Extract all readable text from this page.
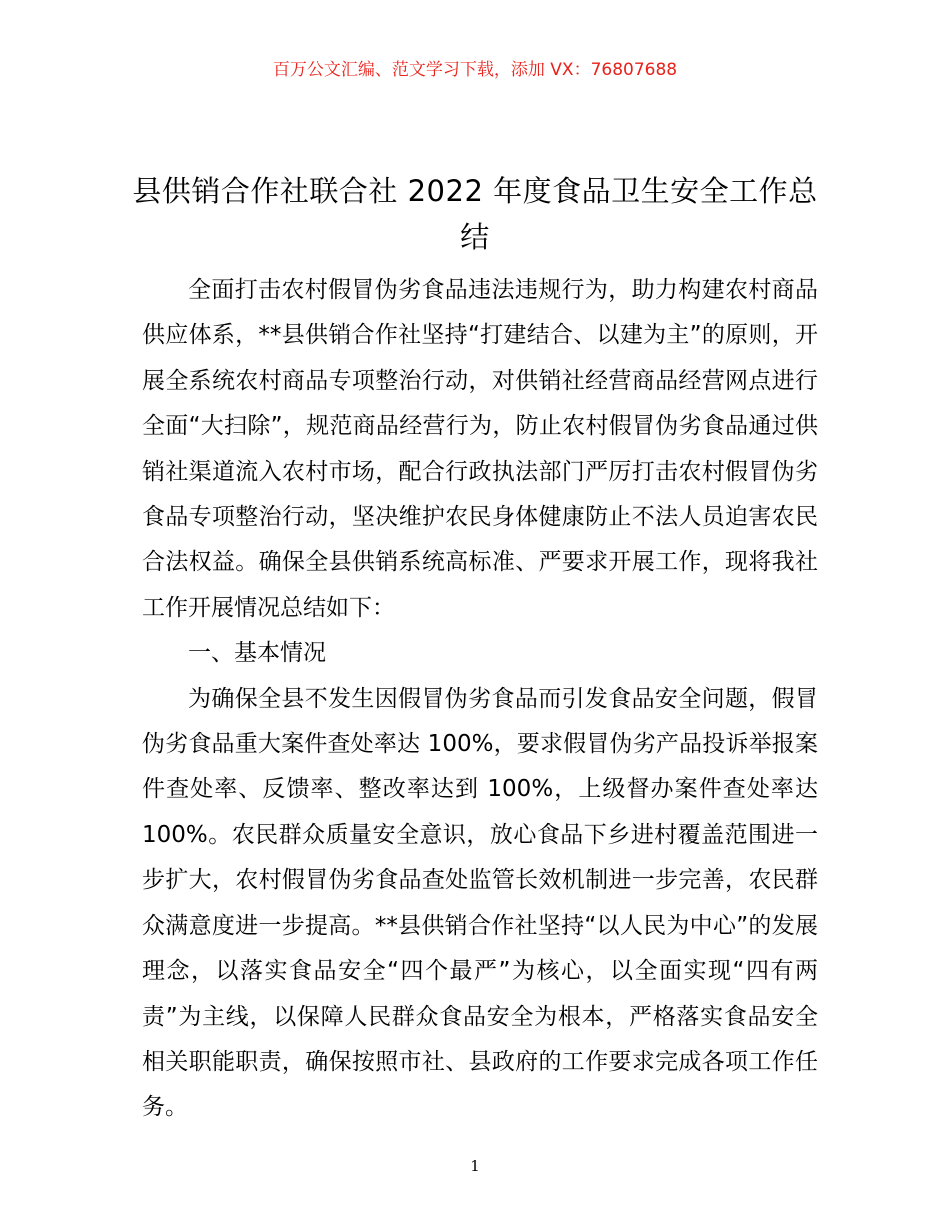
百万公文汇编、范文学习下载，添加 VX：76807688
县供销合作社联合社 2022 年度食品卫生安全工作总结

全面打击农村假冒伪劣食品违法违规行为，助力构建农村商品供应体系，**县供销合作社坚持“打建结合、以建为主”的原则，开展全系统农村商品专项整治行动，对供销社经营商品经营网点进行全面“大扫除”，规范商品经营行为，防止农村假冒伪劣食品通过供销社渠道流入农村市场，配合行政执法部门严厉打击农村假冒伪劣食品专项整治行动，坚决维护农民身体健康防止不法人员迫害农民合法权益。确保全县供销系统高标准、严要求开展工作，现将我社工作开展情况总结如下：

一、基本情况

为确保全县不发生因假冒伪劣食品而引发食品安全问题，假冒伪劣食品重大案件查处率达 100%，要求假冒伪劣产品投诉举报案件查处率、反馈率、整改率达到 100%，上级督办案件查处率达 100%。农民群众质量安全意识，放心食品下乡进村覆盖范围进一步扩大，农村假冒伪劣食品查处监管长效机制进一步完善，农民群众满意度进一步提高。**县供销合作社坚持“以人民为中心”的发展理念，以落实食品安全“四个最严”为核心，以全面实现“四有两责”为主线，以保障人民群众食品安全为根本，严格落实食品安全相关职能职责，确保按照市社、县政府的工作要求完成各项工作任务。

1
